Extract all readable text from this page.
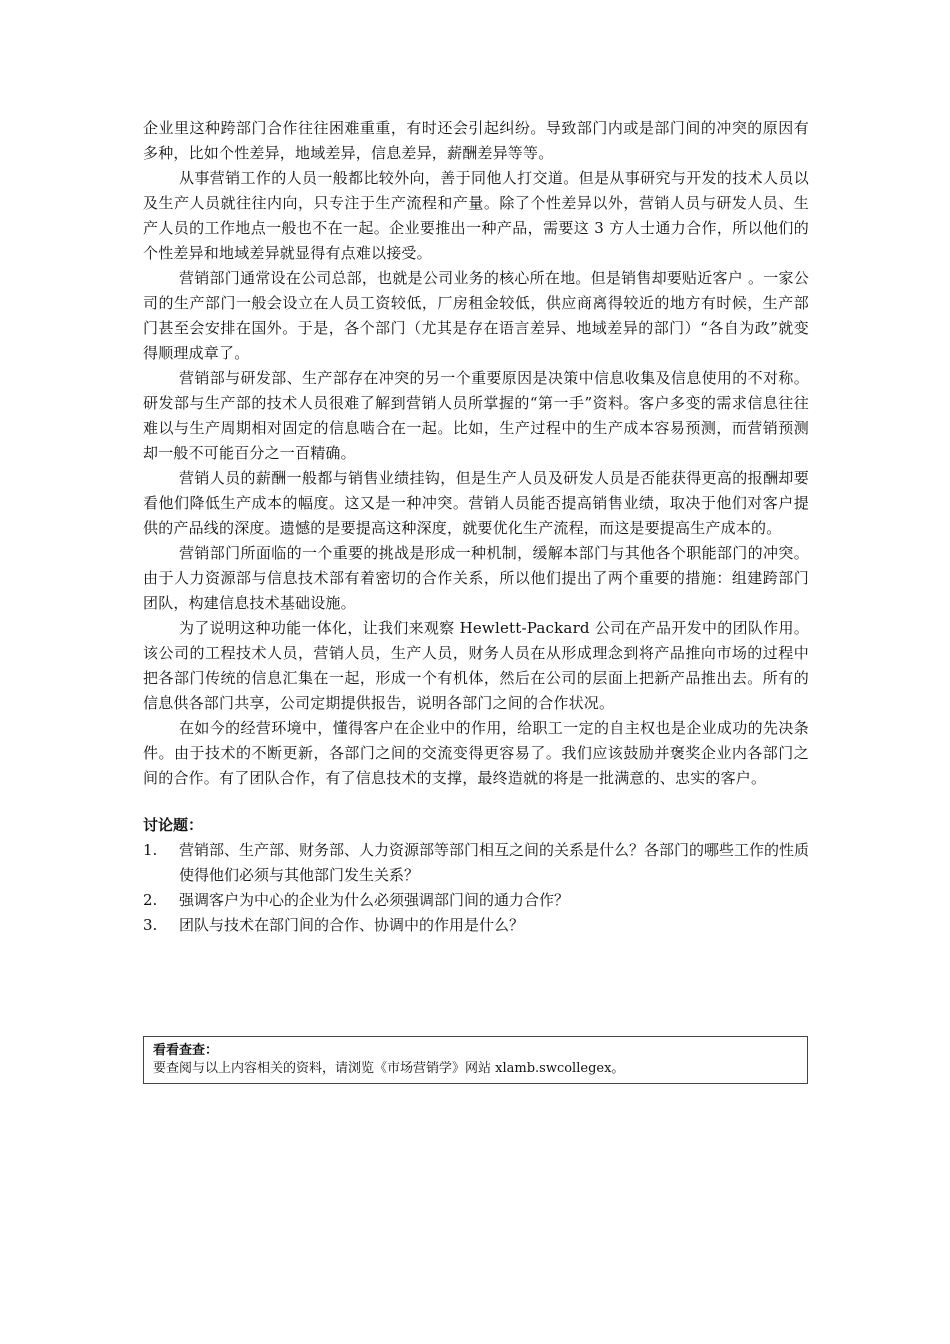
企业里这种跨部门合作往往困难重重，有时还会引起纠纷。导致部门内或是部门间的冲突的原因有多种，比如个性差异，地域差异，信息差异，薪酬差异等等。

从事营销工作的人员一般都比较外向，善于同他人打交道。但是从事研究与开发的技术人员以及生产人员就往往内向，只专注于生产流程和产量。除了个性差异以外，营销人员与研发人员、生产人员的工作地点一般也不在一起。企业要推出一种产品，需要这 3 方人士通力合作，所以他们的个性差异和地域差异就显得有点难以接受。

营销部门通常设在公司总部，也就是公司业务的核心所在地。但是销售却要贴近客户 。一家公司的生产部门一般会设立在人员工资较低，厂房租金较低，供应商离得较近的地方有时候，生产部门甚至会安排在国外。于是，各个部门（尤其是存在语言差异、地域差异的部门）“各自为政”就变得顺理成章了。

营销部与研发部、生产部存在冲突的另一个重要原因是决策中信息收集及信息使用的不对称。研发部与生产部的技术人员很难了解到营销人员所掌握的“第一手”资料。客户多变的需求信息往往难以与生产周期相对固定的信息啮合在一起。比如，生产过程中的生产成本容易预测，而营销预测却一般不可能百分之一百精确。

营销人员的薪酬一般都与销售业绩挂钩，但是生产人员及研发人员是否能获得更高的报酬却要看他们降低生产成本的幅度。这又是一种冲突。营销人员能否提高销售业绩，取决于他们对客户提供的产品线的深度。遗憾的是要提高这种深度，就要优化生产流程，而这是要提高生产成本的。

营销部门所面临的一个重要的挑战是形成一种机制，缓解本部门与其他各个职能部门的冲突。由于人力资源部与信息技术部有着密切的合作关系，所以他们提出了两个重要的措施：组建跨部门团队，构建信息技术基础设施。

为了说明这种功能一体化，让我们来观察 Hewlett-Packard 公司在产品开发中的团队作用。该公司的工程技术人员，营销人员，生产人员，财务人员在从形成理念到将产品推向市场的过程中把各部门传统的信息汇集在一起，形成一个有机体，然后在公司的层面上把新产品推出去。所有的信息供各部门共享，公司定期提供报告，说明各部门之间的合作状况。

在如今的经营环境中，懂得客户在企业中的作用，给职工一定的自主权也是企业成功的先决条件。由于技术的不断更新，各部门之间的交流变得更容易了。我们应该鼓励并褒奖企业内各部门之间的合作。有了团队合作，有了信息技术的支撑，最终造就的将是一批满意的、忠实的客户。

讨论题：
1.	营销部、生产部、财务部、人力资源部等部门相互之间的关系是什么？各部门的哪些工作的性质使得他们必须与其他部门发生关系？
2.	强调客户为中心的企业为什么必须强调部门间的通力合作？
3.	团队与技术在部门间的合作、协调中的作用是什么？
看看查查：
要查阅与以上内容相关的资料，请浏览《市场营销学》网站 xlamb.swcollegex。
